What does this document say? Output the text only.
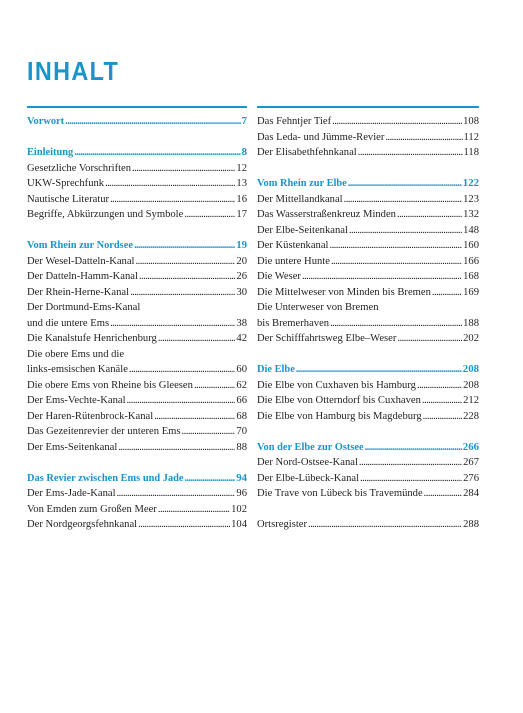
INHALT
Vorwort . . .	7
Einleitung . . .	8
Gesetzliche Vorschriften . . .	12
UKW-Sprechfunk . . .	13
Nautische Literatur . . .	16
Begriffe, Abkürzungen und Symbole . . .	17
Vom Rhein zur Nordsee . . .	19
Der Wesel-Datteln-Kanal . . .	20
Der Datteln-Hamm-Kanal . . .	26
Der Rhein-Herne-Kanal . . .	30
Der Dortmund-Ems-Kanal
und die untere Ems . . .	38
Die Kanalstufe Henrichenburg . . .	42
Die obere Ems und die
links-emsischen Kanäle . . .	60
Die obere Ems von Rheine bis Gleesen . . .	62
Der Ems-Vechte-Kanal . . .	66
Der Haren-Rütenbrock-Kanal . . .	68
Das Gezeitenrevier der unteren Ems . . .	70
Der Ems-Seitenkanal . . .	88
Das Revier zwischen Ems und Jade . . .	94
Der Ems-Jade-Kanal . . .	96
Von Emden zum Großen Meer . . .	102
Der Nordgeorgsfehnkanal . . .	104
Das Fehntjer Tief . . .	108
Das Leda- und Jümme-Revier . . .	112
Der Elisabethfehnkanal . . .	118
Vom Rhein zur Elbe . . .	122
Der Mittellandkanal . . .	123
Das Wasserstraßenkreuz Minden . . .	132
Der Elbe-Seitenkanal . . .	148
Der Küstenkanal . . .	160
Die untere Hunte . . .	166
Die Weser . . .	168
Die Mittelweser von Minden bis Bremen . . .	169
Die Unterweser von Bremen
bis Bremerhaven . . .	188
Der Schifffahrtsweg Elbe–Weser . . .	202
Die Elbe . . .	208
Die Elbe von Cuxhaven bis Hamburg . . .	208
Die Elbe von Otterndorf bis Cuxhaven . . .	212
Die Elbe von Hamburg bis Magdeburg . . .	228
Von der Elbe zur Ostsee . . .	266
Der Nord-Ostsee-Kanal . . .	267
Der Elbe-Lübeck-Kanal . . .	276
Die Trave von Lübeck bis Travemünde . . .	284
Ortsregister . . .	288
